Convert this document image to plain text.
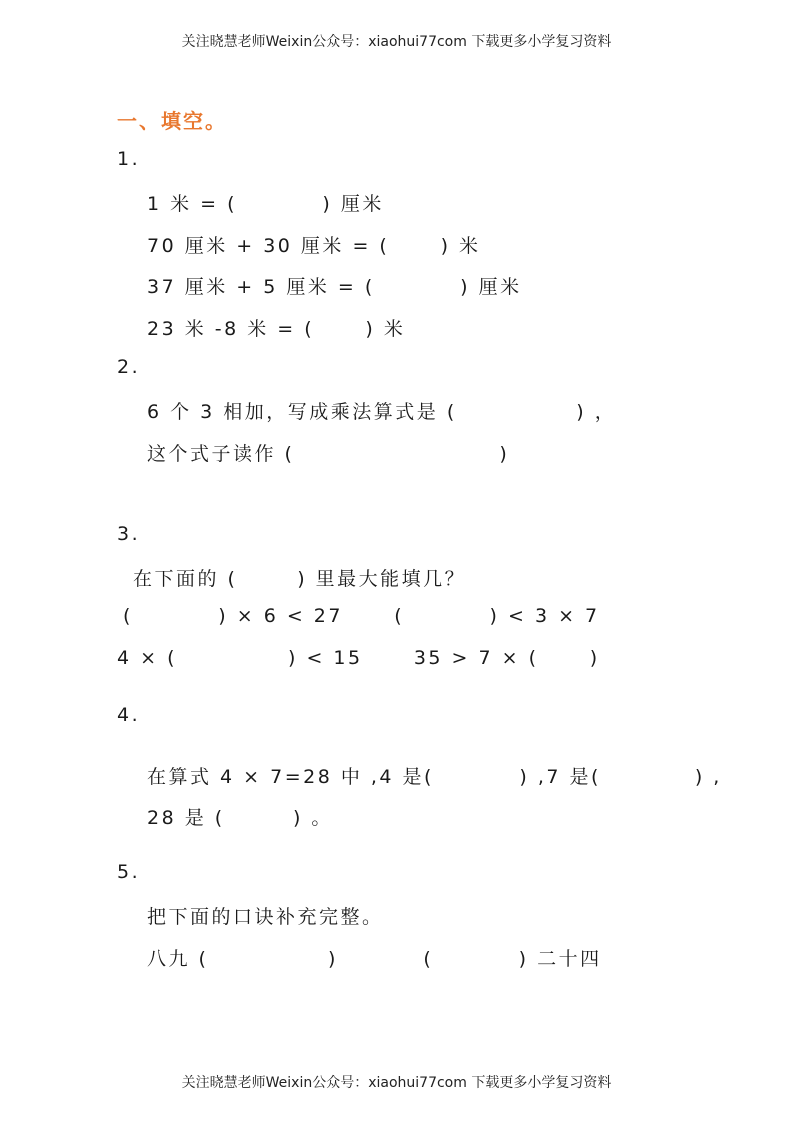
关注晓慧老师Weixin公众号：xiaohui77com 下载更多小学复习资料
一、填空。
1.
1 米 = (          ) 厘米
70 厘米 + 30 厘米 = (      ) 米
37 厘米 + 5 厘米 = (          ) 厘米
23 米 -8 米 = (      ) 米
2.
6 个 3 相加，写成乘法算式是 (              ) ，
这个式子读作 (                        )
3.
在下面的 (       ) 里最大能填几？
(          ) × 6 < 27      (          ) < 3 × 7
4 × (             ) < 15      35 > 7 × (      )
4.
在算式 4 × 7=28 中 ,4 是(          ) ,7 是(           ) ,
28 是 (        ) 。
5.
把下面的口诀补充完整。
八九 (              )          (          ) 二十四
关注晓慧老师Weixin公众号：xiaohui77com 下载更多小学复习资料
